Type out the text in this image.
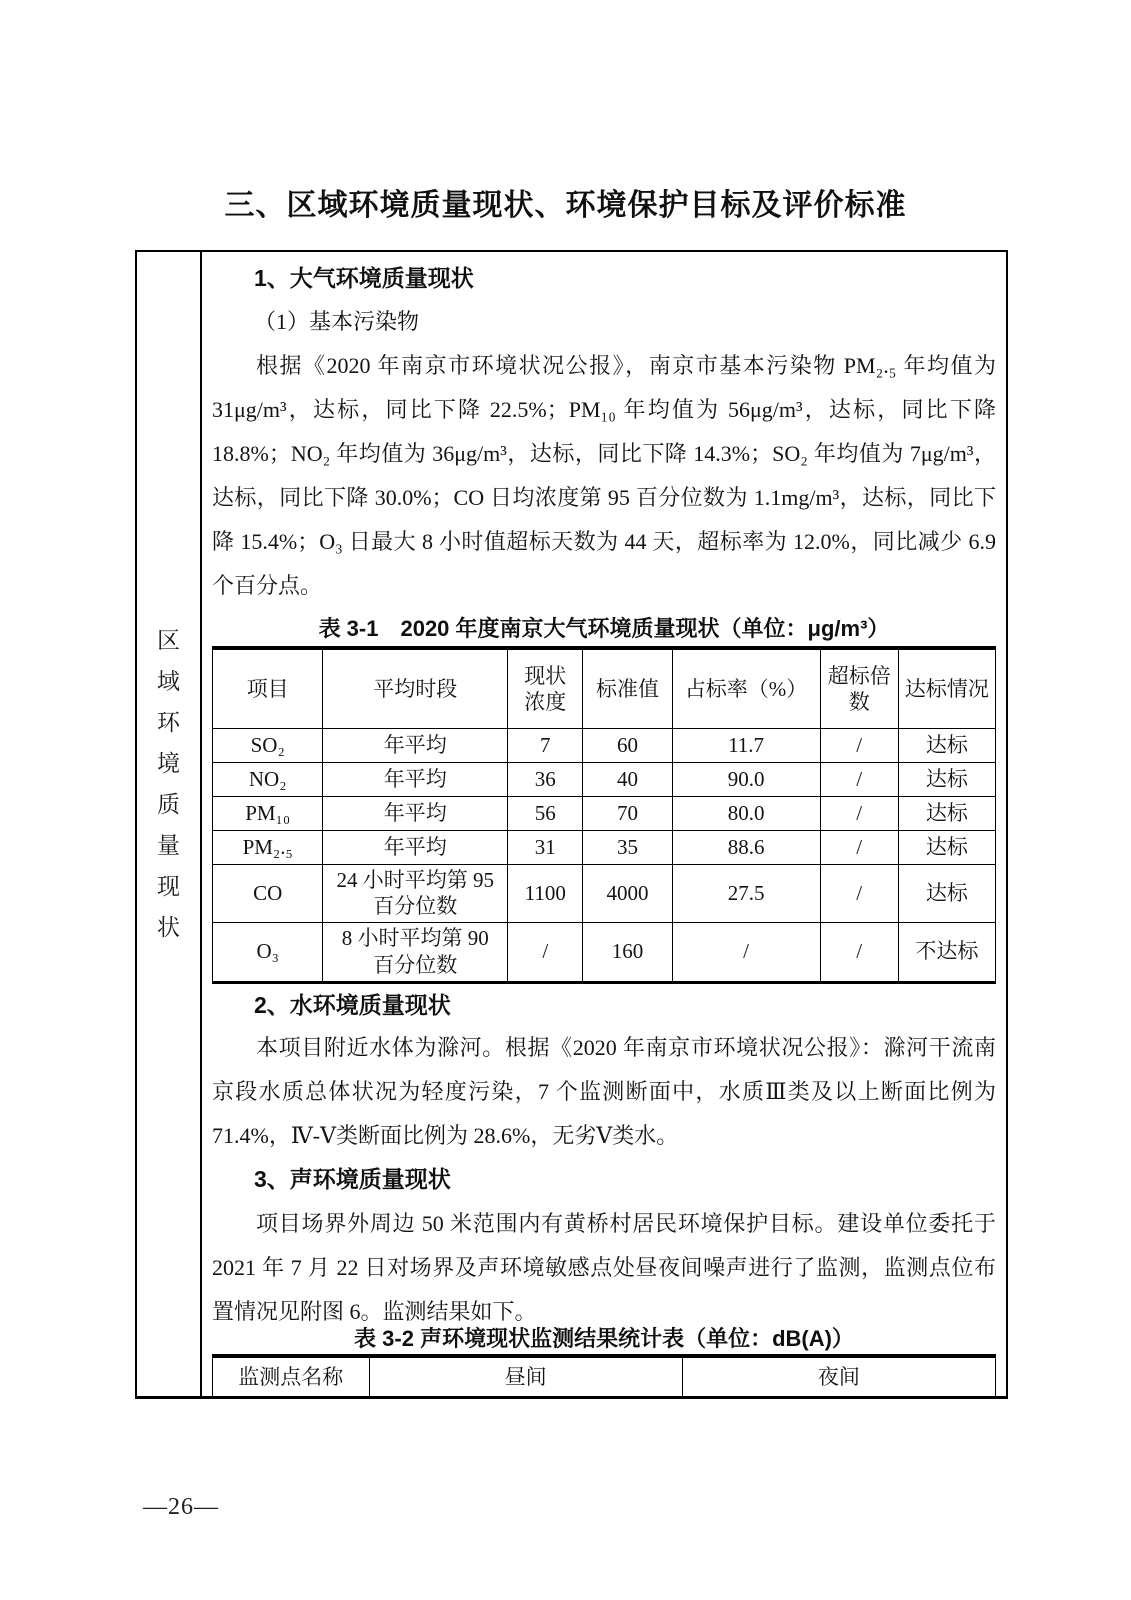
三、区域环境质量现状、环境保护目标及评价标准
区域环境质量现状
1、大气环境质量现状
（1）基本污染物

根据《2020 年南京市环境状况公报》，南京市基本污染物 PM₂.₅ 年均值为 31μg/m³，达标，同比下降 22.5%；PM₁₀ 年均值为 56μg/m³，达标，同比下降 18.8%；NO₂ 年均值为 36μg/m³，达标，同比下降 14.3%；SO₂ 年均值为 7μg/m³，达标，同比下降 30.0%；CO 日均浓度第 95 百分位数为 1.1mg/m³，达标，同比下降 15.4%；O₃ 日最大 8 小时值超标天数为 44 天，超标率为 12.0%，同比减少 6.9 个百分点。

表 3-1　2020 年度南京大气环境质量现状（单位：μg/m³）
项目	平均时段	现状浓度	标准值	占标率（%）	超标倍数	达标情况
SO₂	年平均	7	60	11.7	/	达标
NO₂	年平均	36	40	90.0	/	达标
PM₁₀	年平均	56	70	80.0	/	达标
PM₂.₅	年平均	31	35	88.6	/	达标
CO	24 小时平均第 95 百分位数	1100	4000	27.5	/	达标
O₃	8 小时平均第 90 百分位数	/	160	/	/	不达标
2、水环境质量现状

本项目附近水体为滁河。根据《2020 年南京市环境状况公报》：滁河干流南京段水质总体状况为轻度污染，7 个监测断面中，水质Ⅲ类及以上断面比例为 71.4%，Ⅳ-Ⅴ类断面比例为 28.6%，无劣Ⅴ类水。

3、声环境质量现状

项目场界外周边 50 米范围内有黄桥村居民环境保护目标。建设单位委托于 2021 年 7 月 22 日对场界及声环境敏感点处昼夜间噪声进行了监测，监测点位布置情况见附图 6。监测结果如下。

表 3-2 声环境现状监测结果统计表（单位：dB(A)）
监测点名称	昼间	夜间
—26—
